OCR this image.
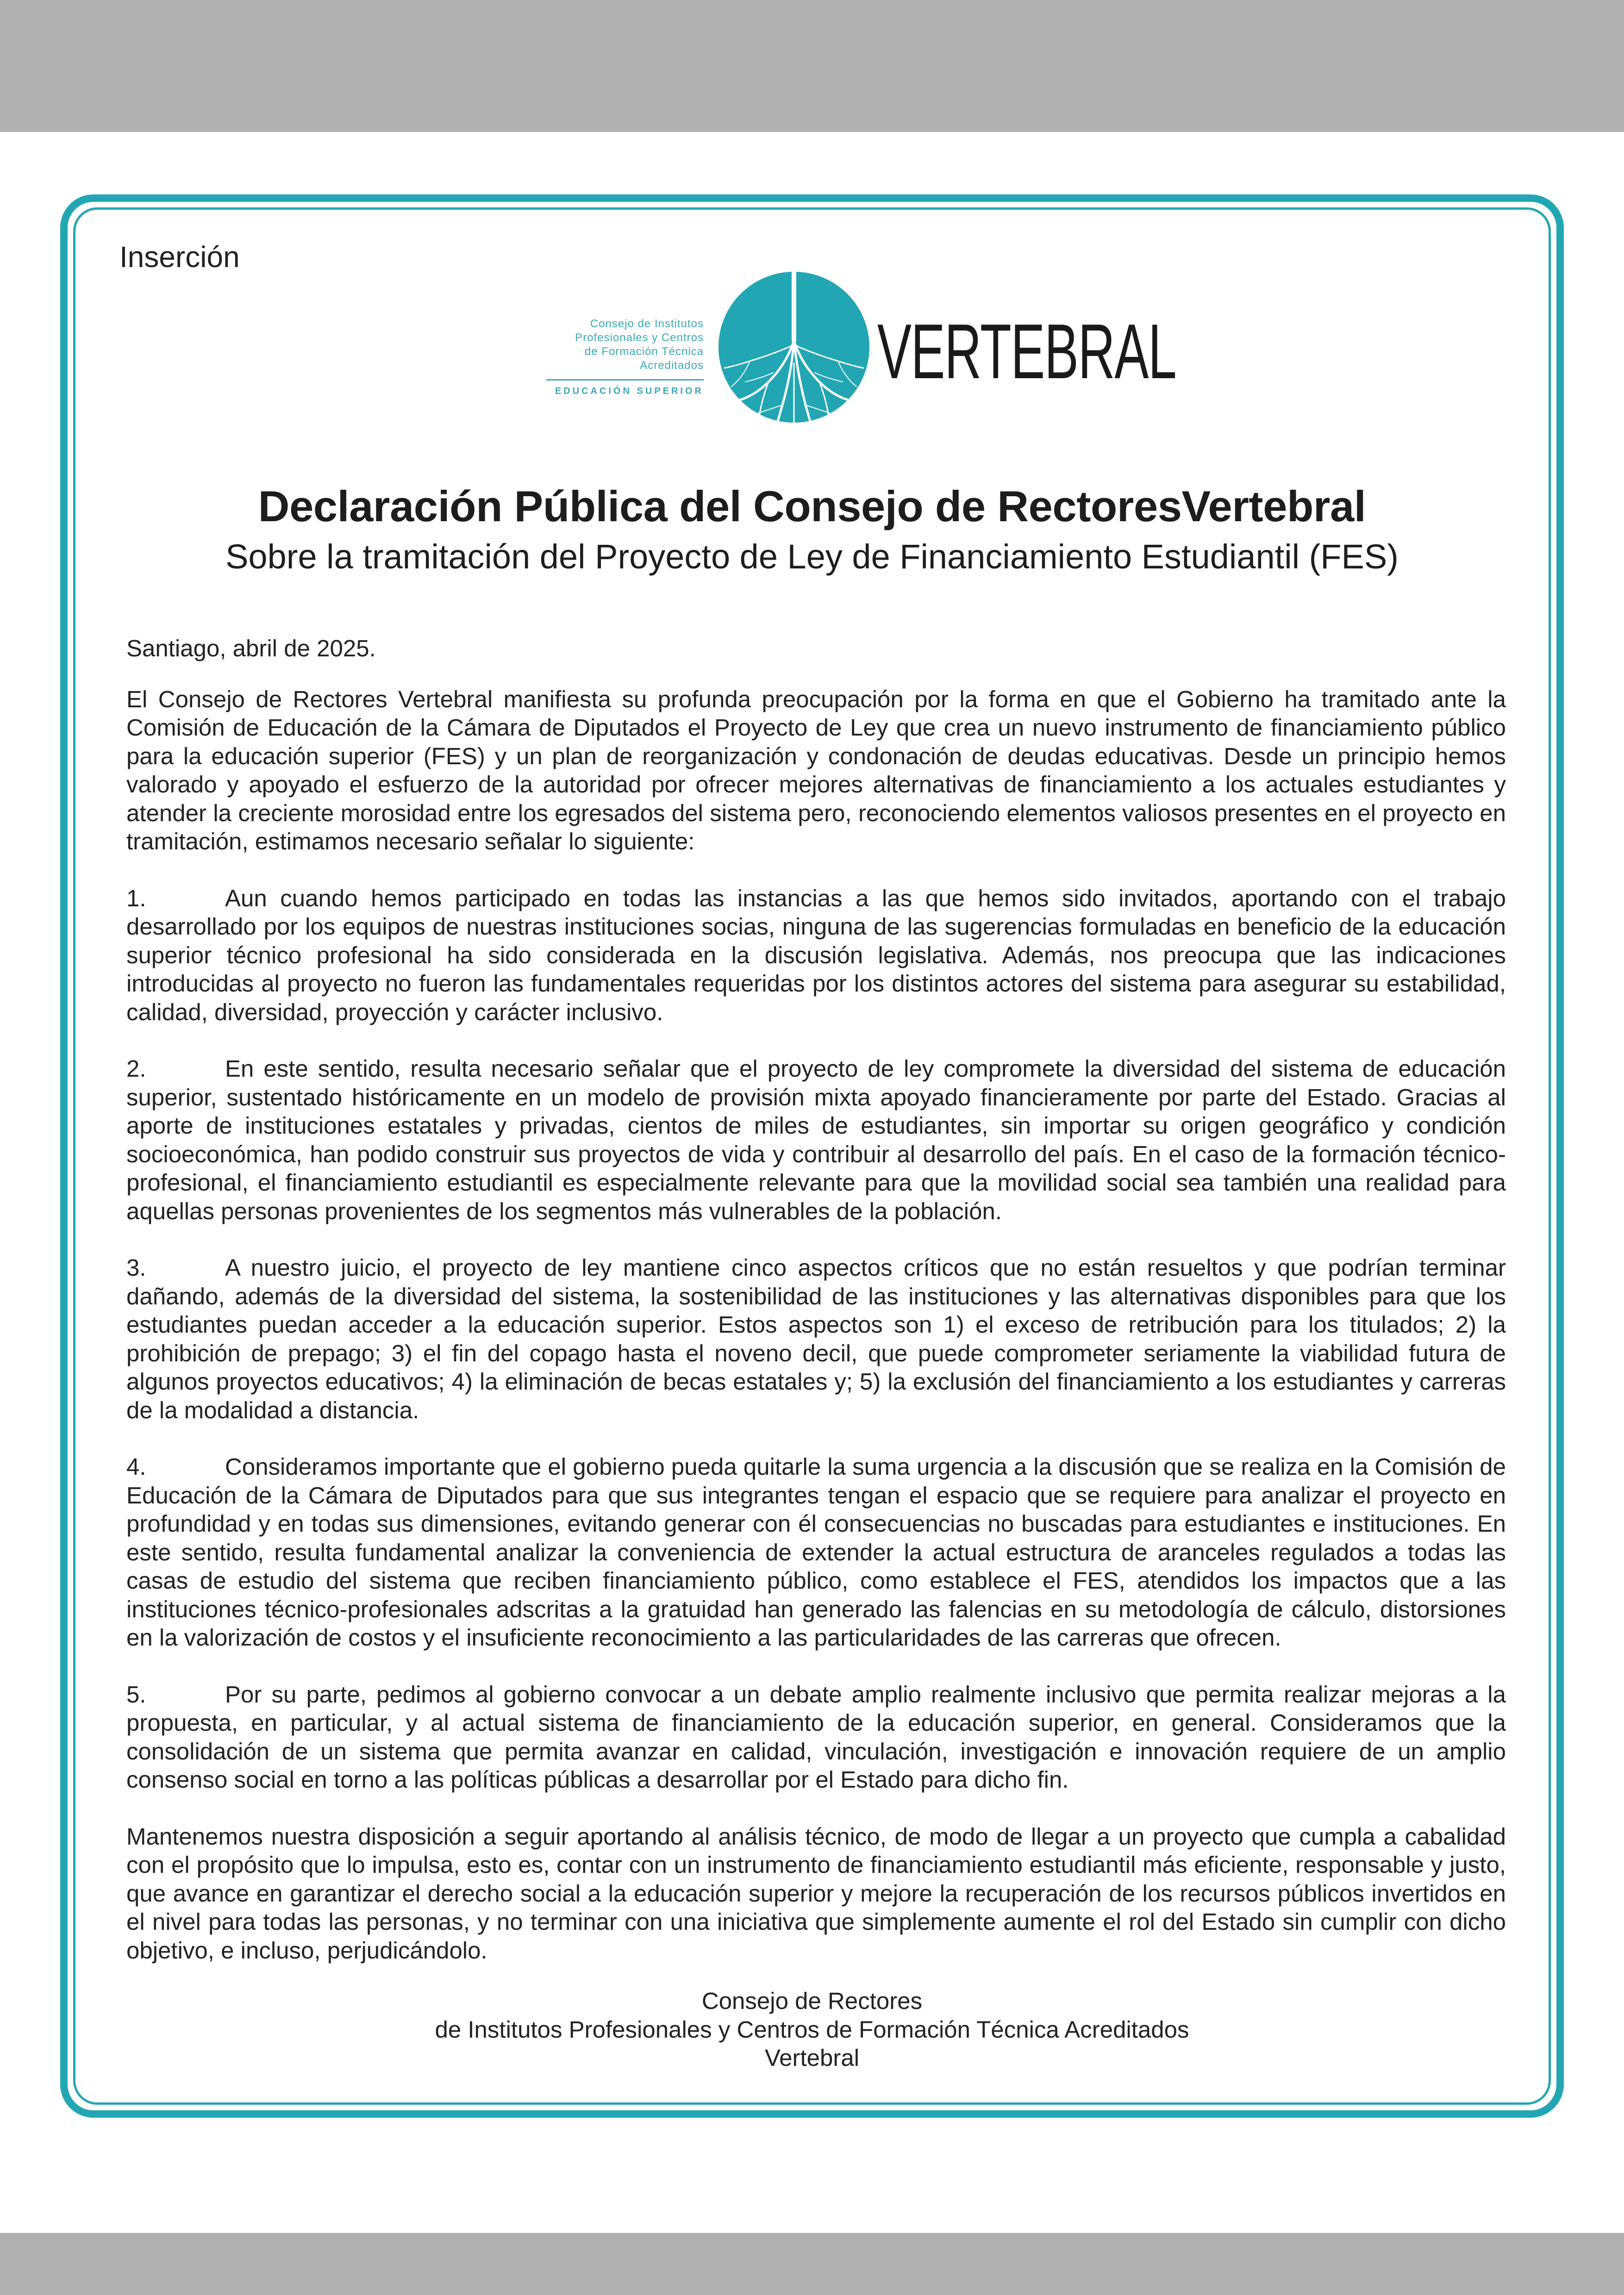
Inserción
Consejo de Institutos
Profesionales y Centros
de Formación Técnica
Acreditados
EDUCACIÓN SUPERIOR VERTEBRAL
Declaración Pública del Consejo de RectoresVertebral
Sobre la tramitación del Proyecto de Ley de Financiamiento Estudiantil (FES)

Santiago, abril de 2025.

El Consejo de Rectores Vertebral manifiesta su profunda preocupación por la forma en que el Gobierno ha tramitado ante la Comisión de Educación de la Cámara de Diputados el Proyecto de Ley que crea un nuevo instrumento de financiamiento público para la educación superior (FES) y un plan de reorganización y condonación de deudas educativas. Desde un principio hemos valorado y apoyado el esfuerzo de la autoridad por ofrecer mejores alternativas de financiamiento a los actuales estudiantes y atender la creciente morosidad entre los egresados del sistema pero, reconociendo elementos valiosos presentes en el proyecto en tramitación, estimamos necesario señalar lo siguiente:

1.	Aun cuando hemos participado en todas las instancias a las que hemos sido invitados, aportando con el trabajo desarrollado por los equipos de nuestras instituciones socias, ninguna de las sugerencias formuladas en beneficio de la educación superior técnico profesional ha sido considerada en la discusión legislativa. Además, nos preocupa que las indicaciones introducidas al proyecto no fueron las fundamentales requeridas por los distintos actores del sistema para asegurar su estabilidad, calidad, diversidad, proyección y carácter inclusivo.

2.	En este sentido, resulta necesario señalar que el proyecto de ley compromete la diversidad del sistema de educación superior, sustentado históricamente en un modelo de provisión mixta apoyado financieramente por parte del Estado. Gracias al aporte de instituciones estatales y privadas, cientos de miles de estudiantes, sin importar su origen geográfico y condición socioeconómica, han podido construir sus proyectos de vida y contribuir al desarrollo del país. En el caso de la formación técnico-profesional, el financiamiento estudiantil es especialmente relevante para que la movilidad social sea también una realidad para aquellas personas provenientes de los segmentos más vulnerables de la población.

3.	A nuestro juicio, el proyecto de ley mantiene cinco aspectos críticos que no están resueltos y que podrían terminar dañando, además de la diversidad del sistema, la sostenibilidad de las instituciones y las alternativas disponibles para que los estudiantes puedan acceder a la educación superior. Estos aspectos son 1) el exceso de retribución para los titulados; 2) la prohibición de prepago; 3) el fin del copago hasta el noveno decil, que puede comprometer seriamente la viabilidad futura de algunos proyectos educativos; 4) la eliminación de becas estatales y; 5) la exclusión del financiamiento a los estudiantes y carreras de la modalidad a distancia.

4.	Consideramos importante que el gobierno pueda quitarle la suma urgencia a la discusión que se realiza en la Comisión de Educación de la Cámara de Diputados para que sus integrantes tengan el espacio que se requiere para analizar el proyecto en profundidad y en todas sus dimensiones, evitando generar con él consecuencias no buscadas para estudiantes e instituciones. En este sentido, resulta fundamental analizar la conveniencia de extender la actual estructura de aranceles regulados a todas las casas de estudio del sistema que reciben financiamiento público, como establece el FES, atendidos los impactos que a las instituciones técnico-profesionales adscritas a la gratuidad han generado las falencias en su metodología de cálculo, distorsiones en la valorización de costos y el insuficiente reconocimiento a las particularidades de las carreras que ofrecen.

5.	Por su parte, pedimos al gobierno convocar a un debate amplio realmente inclusivo que permita realizar mejoras a la propuesta, en particular, y al actual sistema de financiamiento de la educación superior, en general. Consideramos que la consolidación de un sistema que permita avanzar en calidad, vinculación, investigación e innovación requiere de un amplio consenso social en torno a las políticas públicas a desarrollar por el Estado para dicho fin.

Mantenemos nuestra disposición a seguir aportando al análisis técnico, de modo de llegar a un proyecto que cumpla a cabalidad con el propósito que lo impulsa, esto es, contar con un instrumento de financiamiento estudiantil más eficiente, responsable y justo, que avance en garantizar el derecho social a la educación superior y mejore la recuperación de los recursos públicos invertidos en el nivel para todas las personas, y no terminar con una iniciativa que simplemente aumente el rol del Estado sin cumplir con dicho objetivo, e incluso, perjudicándolo.

Consejo de Rectores
de Institutos Profesionales y Centros de Formación Técnica Acreditados
Vertebral
